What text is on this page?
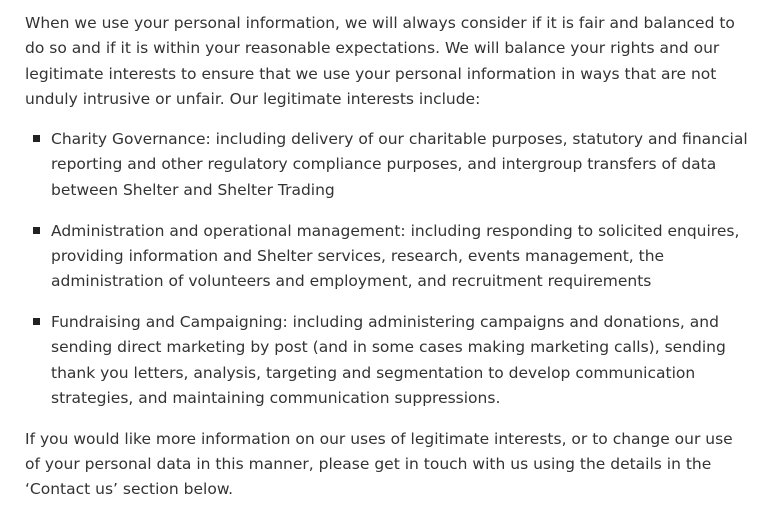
When we use your personal information, we will always consider if it is fair and balanced to do so and if it is within your reasonable expectations. We will balance your rights and our legitimate interests to ensure that we use your personal information in ways that are not unduly intrusive or unfair. Our legitimate interests include:

Charity Governance: including delivery of our charitable purposes, statutory and financial reporting and other regulatory compliance purposes, and intergroup transfers of data between Shelter and Shelter Trading
Administration and operational management: including responding to solicited enquires, providing information and Shelter services, research, events management, the administration of volunteers and employment, and recruitment requirements
Fundraising and Campaigning: including administering campaigns and donations, and sending direct marketing by post (and in some cases making marketing calls), sending thank you letters, analysis, targeting and segmentation to develop communication strategies, and maintaining communication suppressions.

If you would like more information on our uses of legitimate interests, or to change our use of your personal data in this manner, please get in touch with us using the details in the ‘Contact us’ section below.
